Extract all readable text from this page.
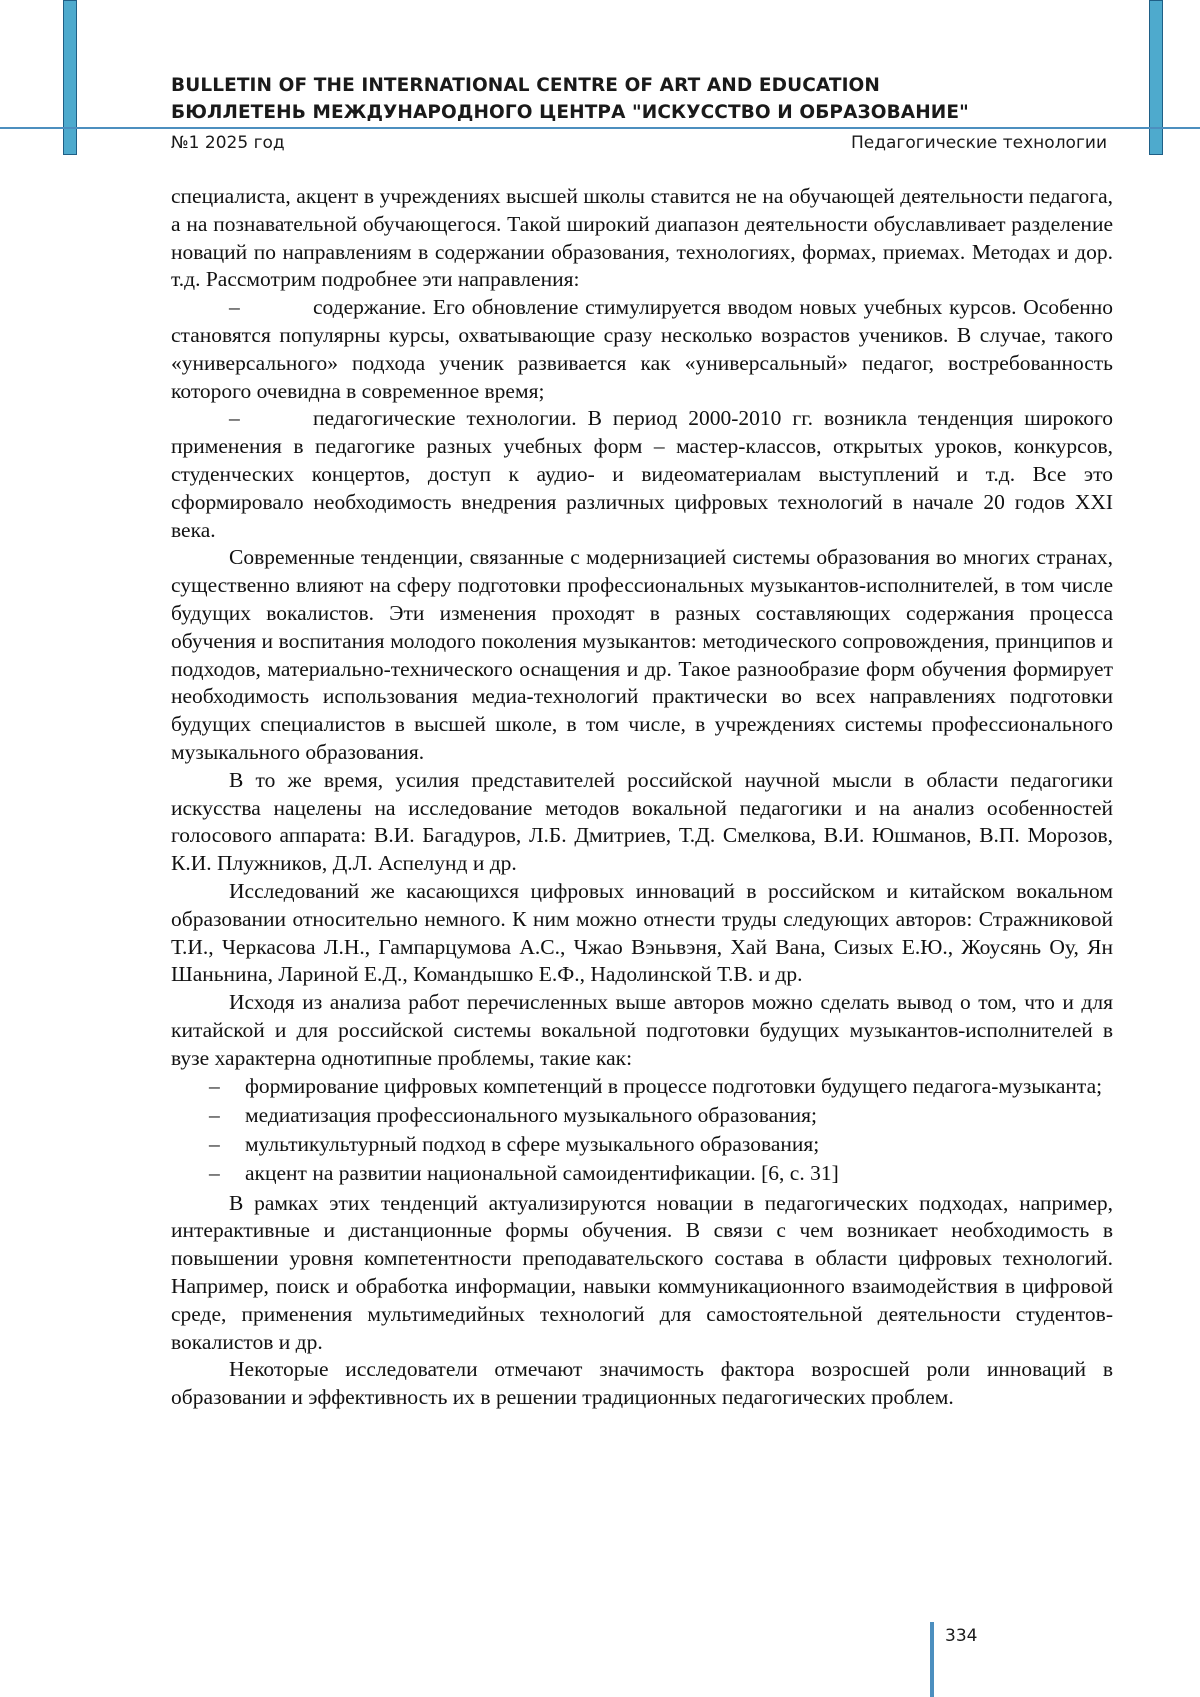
BULLETIN OF THE INTERNATIONAL CENTRE OF ART AND EDUCATION
БЮЛЛЕТЕНЬ МЕЖДУНАРОДНОГО ЦЕНТРА "ИСКУССТВО И ОБРАЗОВАНИЕ"
№1 2025 год	Педагогические технологии

специалиста, акцент в учреждениях высшей школы ставится не на обучающей деятельности педагога, а на познавательной обучающегося. Такой широкий диапазон деятельности обуславливает разделение новаций по направлениям в содержании образования, технологиях, формах, приемах. Методах и дор. т.д. Рассмотрим подробнее эти направления:

–	содержание. Его обновление стимулируется вводом новых учебных курсов. Особенно становятся популярны курсы, охватывающие сразу несколько возрастов учеников. В случае, такого «универсального» подхода ученик развивается как «универсальный» педагог, востребованность которого очевидна в современное время;

–	педагогические технологии. В период 2000-2010 гг. возникла тенденция широкого применения в педагогике разных учебных форм – мастер-классов, открытых уроков, конкурсов, студенческих концертов, доступ к аудио- и видеоматериалам выступлений и т.д. Все это сформировало необходимость внедрения различных цифровых технологий в начале 20 годов XXI века.

Современные тенденции, связанные с модернизацией системы образования во многих странах, существенно влияют на сферу подготовки профессиональных музыкантов-исполнителей, в том числе будущих вокалистов. Эти изменения проходят в разных составляющих содержания процесса обучения и воспитания молодого поколения музыкантов: методического сопровождения, принципов и подходов, материально-технического оснащения и др. Такое разнообразие форм обучения формирует необходимость использования медиа-технологий практически во всех направлениях подготовки будущих специалистов в высшей школе, в том числе, в учреждениях системы профессионального музыкального образования.

В то же время, усилия представителей российской научной мысли в области педагогики искусства нацелены на исследование методов вокальной педагогики и на анализ особенностей голосового аппарата: В.И. Багадуров, Л.Б. Дмитриев, Т.Д. Смелкова, В.И. Юшманов, В.П. Морозов, К.И. Плужников, Д.Л. Аспелунд и др.

Исследований же касающихся цифровых инноваций в российском и китайском вокальном образовании относительно немного. К ним можно отнести труды следующих авторов: Стражниковой Т.И., Черкасова Л.Н., Гампарцумова А.С., Чжао Вэньвэня, Хай Вана, Сизых Е.Ю., Жоусянь Оу, Ян Шаньнина, Лариной Е.Д., Командышко Е.Ф., Надолинской Т.В. и др.

Исходя из анализа работ перечисленных выше авторов можно сделать вывод о том, что и для китайской и для российской системы вокальной подготовки будущих музыкантов-исполнителей в вузе характерна однотипные проблемы, такие как:

– формирование цифровых компетенций в процессе подготовки будущего педагога-музыканта;
– медиатизация профессионального музыкального образования;
– мультикультурный подход в сфере музыкального образования;
– акцент на развитии национальной самоидентификации. [6, с. 31]

В рамках этих тенденций актуализируются новации в педагогических подходах, например, интерактивные и дистанционные формы обучения. В связи с чем возникает необходимость в повышении уровня компетентности преподавательского состава в области цифровых технологий. Например, поиск и обработка информации, навыки коммуникационного взаимодействия в цифровой среде, применения мультимедийных технологий для самостоятельной деятельности студентов-вокалистов и др.

Некоторые исследователи отмечают значимость фактора возросшей роли инноваций в образовании и эффективность их в решении традиционных педагогических проблем.

334
